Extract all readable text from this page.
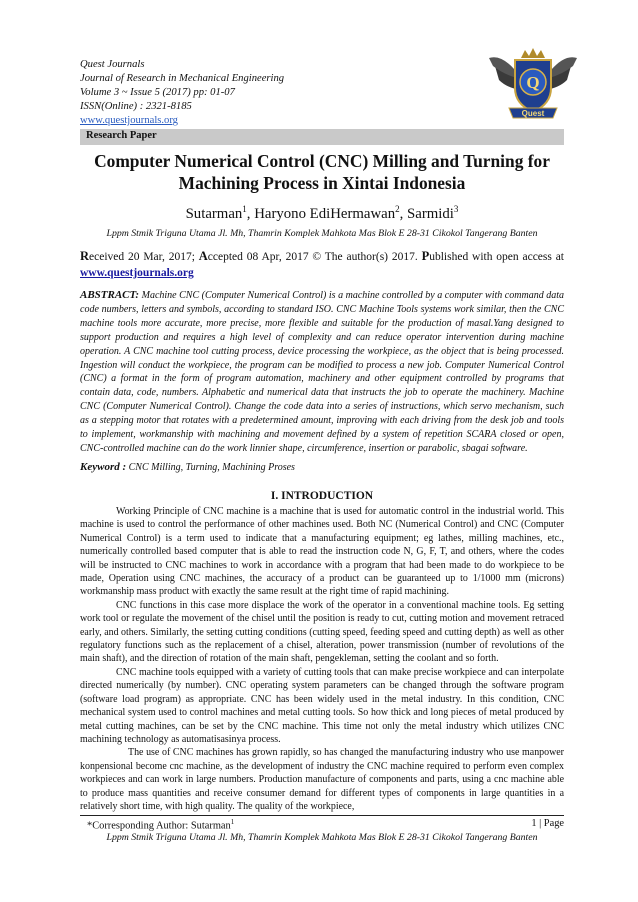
Quest Journals
Journal of Research in Mechanical Engineering
Volume 3 ~ Issue 5 (2017) pp: 01-07
ISSN(Online) : 2321-8185
www.questjournals.org
Q
Quest
Research Paper
Computer Numerical Control (CNC) Milling and Turning for
Machining Process in Xintai Indonesia
Sutarman$^1$, Haryono EdiHermawan$^2$, Sarmidi$^3$
Lppm Stmik Triguna Utama Jl. Mh, Thamrin Komplek Mahkota Mas Blok E 28-31 Cikokol Tangerang Banten
Received 20 Mar, 2017; Accepted 08 Apr, 2017 © The author(s) 2017. Published with open access at www.questjournals.org
ABSTRACT: Machine CNC (Computer Numerical Control) is a machine controlled by a computer with command data code numbers, letters and symbols, according to standard ISO. CNC Machine Tools systems work similar, then the CNC machine tools more accurate, more precise, more flexible and suitable for the production of masal.Yang designed to support production and requires a high level of complexity and can reduce operator intervention during machine operation. A CNC machine tool cutting process, device processing the workpiece, as the object that is being processed. Ingestion will conduct the workpiece, the program can be modified to process a new job. Computer Numerical Control (CNC) a format in the form of program automation, machinery and other equipment controlled by programs that contain data, code, numbers. Alphabetic and numerical data that instructs the job to operate the machinery. Machine CNC (Computer Numerical Control). Change the code data into a series of instructions, which servo mechanism, such as a stepping motor that rotates with a predetermined amount, improving with each driving from the desk job and tools to implement, workmanship with machining and movement defined by a system of repetition SCARA closed or open, CNC-controlled machine can do the work linnier shape, circumference, insertion or parabolic, sbagai software.
Keyword : CNC Milling, Turning, Machining Proses
I. INTRODUCTION

Working Principle of CNC machine is a machine that is used for automatic control in the industrial world. This machine is used to control the performance of other machines used. Both NC (Numerical Control) and CNC (Computer Numerical Control) is a term used to indicate that a manufacturing equipment; eg lathes, milling machines, etc., numerically controlled based computer that is able to read the instruction code N, G, F, T, and others, where the codes will be instructed to CNC machines to work in accordance with a program that had been made to do workpiece to be made, Operation using CNC machines, the accuracy of a product can be guaranteed up to 1/1000 mm (microns) workmanship mass product with exactly the same result at the right time of rapid machining.

CNC functions in this case more displace the work of the operator in a conventional machine tools. Eg setting work tool or regulate the movement of the chisel until the position is ready to cut, cutting motion and movement retraced early, and others. Similarly, the setting cutting conditions (cutting speed, feeding speed and cutting depth) as well as other regulatory functions such as the replacement of a chisel, alteration, power transmission (number of revolutions of the main shaft), and the direction of rotation of the main shaft, pengekleman, setting the coolant and so forth.

CNC machine tools equipped with a variety of cutting tools that can make precise workpiece and can interpolate directed numerically (by number). CNC operating system parameters can be changed through the software program (software load program) as appropriate. CNC has been widely used in the metal industry. In this condition, CNC mechanical system used to control machines and metal cutting tools. So how thick and long pieces of metal produced by metal cutting machines, can be set by the CNC machine. This time not only the metal industry which utilizes CNC machining technology as automatisasinya process.

The use of CNC machines has grown rapidly, so has changed the manufacturing industry who use manpower konpensional become cnc machine, as the development of industry the CNC machine required to perform even complex workpieces and can work in large numbers. Production manufacture of components and parts, using a cnc machine able to produce mass quantities and receive consumer demand for different types of components in large quantities in a relatively short time, with high quality. The quality of the workpiece,

*Corresponding Author: Sutarman$^1$	1 | Page
Lppm Stmik Triguna Utama Jl. Mh, Thamrin Komplek Mahkota Mas Blok E 28-31 Cikokol Tangerang Banten
